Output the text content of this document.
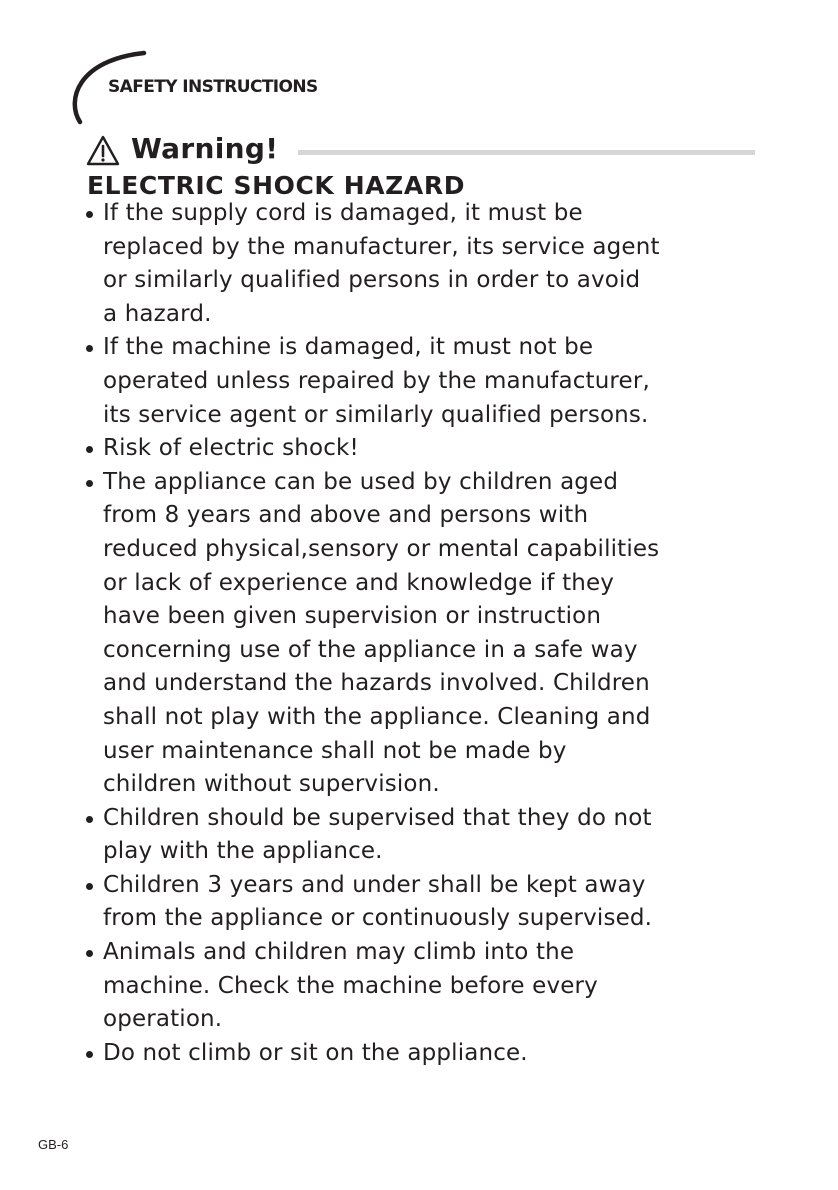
SAFETY INSTRUCTIONS
Warning!
ELECTRIC SHOCK HAZARD
If the supply cord is damaged, it must be
replaced by the manufacturer, its service agent
or similarly qualified persons in order to avoid
a hazard.
If the machine is damaged, it must not be
operated unless repaired by the manufacturer,
its service agent or similarly qualified persons.
Risk of electric shock!
The appliance can be used by children aged
from 8 years and above and persons with
reduced physical,sensory or mental capabilities
or lack of experience and knowledge if they
have been given supervision or instruction
concerning use of the appliance in a safe way
and understand the hazards involved. Children
shall not play with the appliance. Cleaning and
user maintenance shall not be made by
children without supervision.
Children should be supervised that they do not
play with the appliance.
Children 3 years and under shall be kept away
from the appliance or continuously supervised.
Animals and children may climb into the
machine. Check the machine before every
operation.
Do not climb or sit on the appliance.
GB-6
